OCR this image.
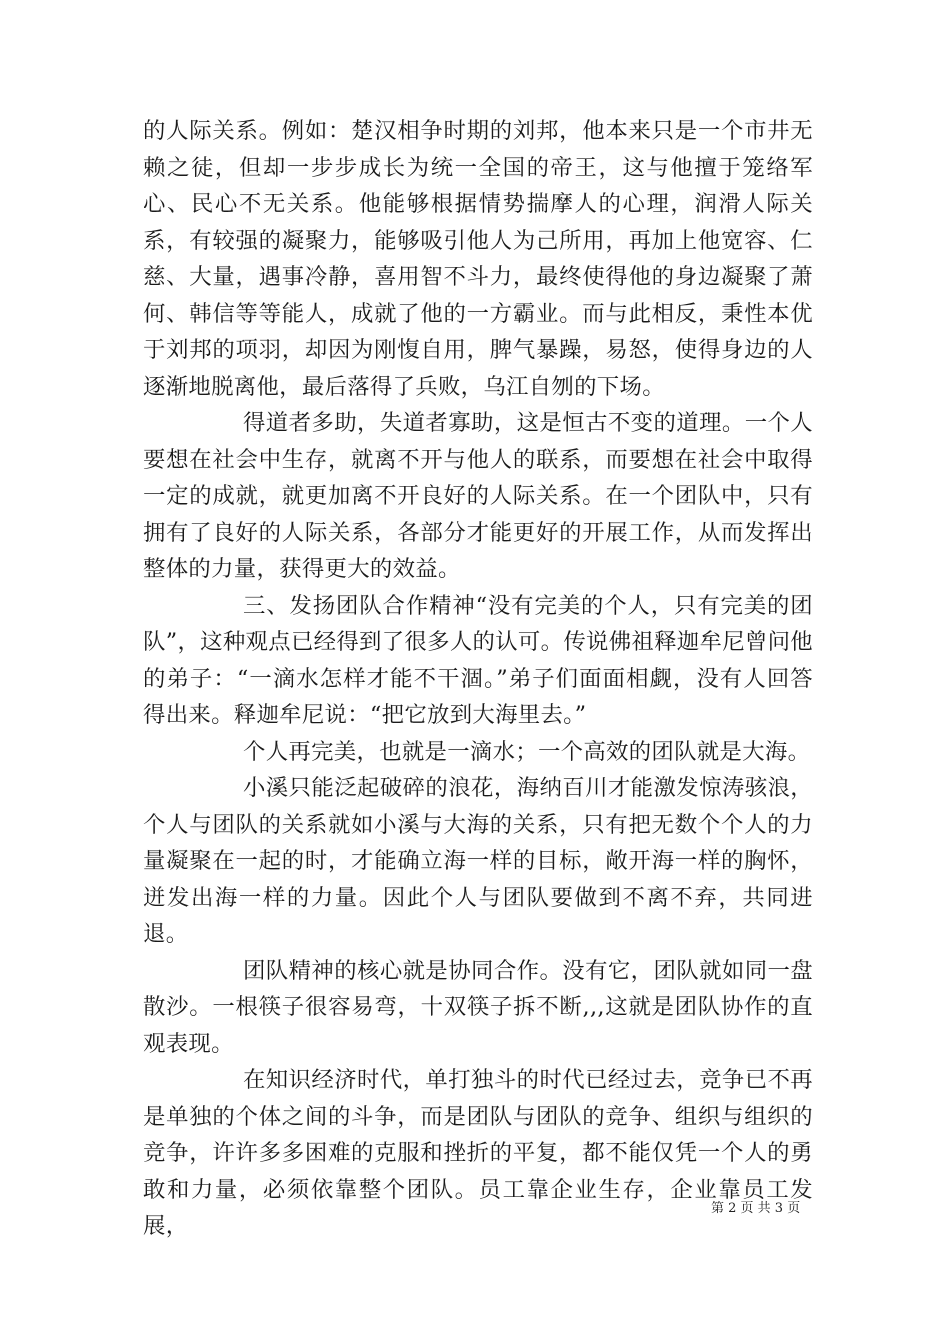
的人际关系。例如：楚汉相争时期的刘邦，他本来只是一个市井无赖之徒，但却一步步成长为统一全国的帝王，这与他擅于笼络军心、民心不无关系。他能够根据情势揣摩人的心理，润滑人际关系，有较强的凝聚力，能够吸引他人为己所用，再加上他宽容、仁慈、大量，遇事冷静，喜用智不斗力，最终使得他的身边凝聚了萧何、韩信等等能人，成就了他的一方霸业。而与此相反，秉性本优于刘邦的项羽，却因为刚愎自用，脾气暴躁，易怒，使得身边的人逐渐地脱离他，最后落得了兵败，乌江自刎的下场。

得道者多助，失道者寡助，这是恒古不变的道理。一个人要想在社会中生存，就离不开与他人的联系，而要想在社会中取得一定的成就，就更加离不开良好的人际关系。在一个团队中，只有拥有了良好的人际关系，各部分才能更好的开展工作，从而发挥出整体的力量，获得更大的效益。

三、发扬团队合作精神“没有完美的个人，只有完美的团队”，这种观点已经得到了很多人的认可。传说佛祖释迦牟尼曾问他的弟子：“一滴水怎样才能不干涸。”弟子们面面相觑，没有人回答得出来。释迦牟尼说：“把它放到大海里去。”

个人再完美，也就是一滴水；一个高效的团队就是大海。

小溪只能泛起破碎的浪花，海纳百川才能激发惊涛骇浪，个人与团队的关系就如小溪与大海的关系，只有把无数个个人的力量凝聚在一起的时，才能确立海一样的目标，敞开海一样的胸怀，迸发出海一样的力量。因此个人与团队要做到不离不弃，共同进退。

团队精神的核心就是协同合作。没有它，团队就如同一盘散沙。一根筷子很容易弯，十双筷子拆不断,,,这就是团队协作的直观表现。

在知识经济时代，单打独斗的时代已经过去，竞争已不再是单独的个体之间的斗争，而是团队与团队的竞争、组织与组织的竞争，许许多多困难的克服和挫折的平复，都不能仅凭一个人的勇敢和力量，必须依靠整个团队。员工靠企业生存，企业靠员工发展，

第 2 页 共 3 页
